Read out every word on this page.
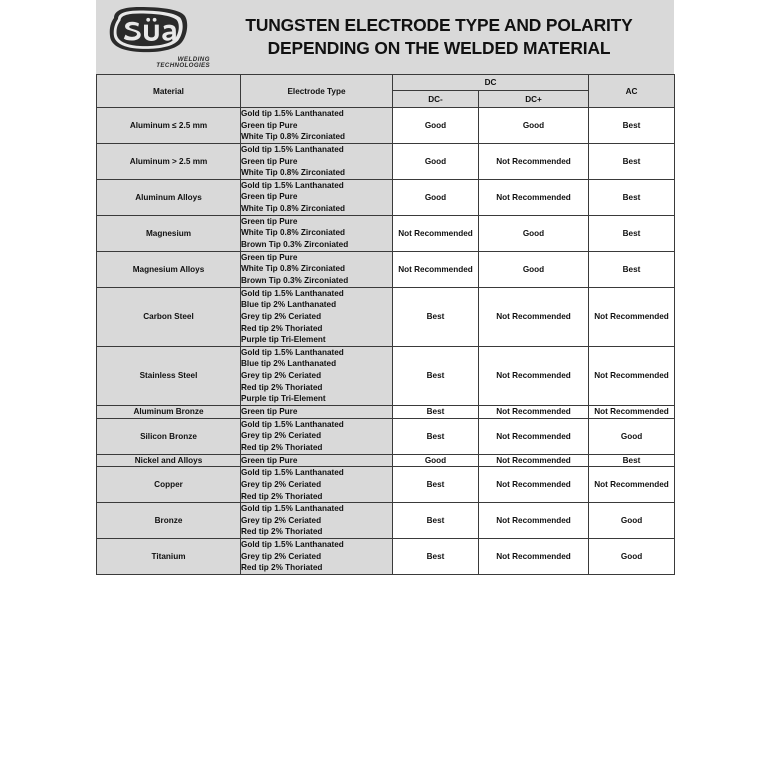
WELDING
TECHNOLOGIES
TUNGSTEN ELECTRODE TYPE AND POLARITY
DEPENDING ON THE WELDED MATERIAL
Material	Electrode Type	DC		AC
		DC-	DC+	
Aluminum ≤ 2.5 mm	Gold tip 1.5% Lanthanated
Green tip Pure
White Tip 0.8% Zirconiated	Good	Good	Best
Aluminum > 2.5 mm	Gold tip 1.5% Lanthanated
Green tip Pure
White Tip 0.8% Zirconiated	Good	Not Recommended	Best
Aluminum Alloys	Gold tip 1.5% Lanthanated
Green tip Pure
White Tip 0.8% Zirconiated	Good	Not Recommended	Best
Magnesium	Green tip Pure
White Tip 0.8% Zirconiated
Brown Tip 0.3% Zirconiated	Not Recommended	Good	Best
Magnesium Alloys	Green tip Pure
White Tip 0.8% Zirconiated
Brown Tip 0.3% Zirconiated	Not Recommended	Good	Best
Carbon Steel	Gold tip 1.5% Lanthanated
Blue tip 2% Lanthanated
Grey tip 2% Ceriated
Red tip 2% Thoriated
Purple tip Tri-Element	Best	Not Recommended	Not Recommended
Stainless Steel	Gold tip 1.5% Lanthanated
Blue tip 2% Lanthanated
Grey tip 2% Ceriated
Red tip 2% Thoriated
Purple tip Tri-Element	Best	Not Recommended	Not Recommended
Aluminum Bronze	Green tip Pure	Best	Not Recommended	Not Recommended
Silicon Bronze	Gold tip 1.5% Lanthanated
Grey tip 2% Ceriated
Red tip 2% Thoriated	Best	Not Recommended	Good
Nickel and Alloys	Green tip Pure	Good	Not Recommended	Best
Copper	Gold tip 1.5% Lanthanated
Grey tip 2% Ceriated
Red tip 2% Thoriated	Best	Not Recommended	Not Recommended
Bronze	Gold tip 1.5% Lanthanated
Grey tip 2% Ceriated
Red tip 2% Thoriated	Best	Not Recommended	Good
Titanium	Gold tip 1.5% Lanthanated
Grey tip 2% Ceriated
Red tip 2% Thoriated	Best	Not Recommended	Good
